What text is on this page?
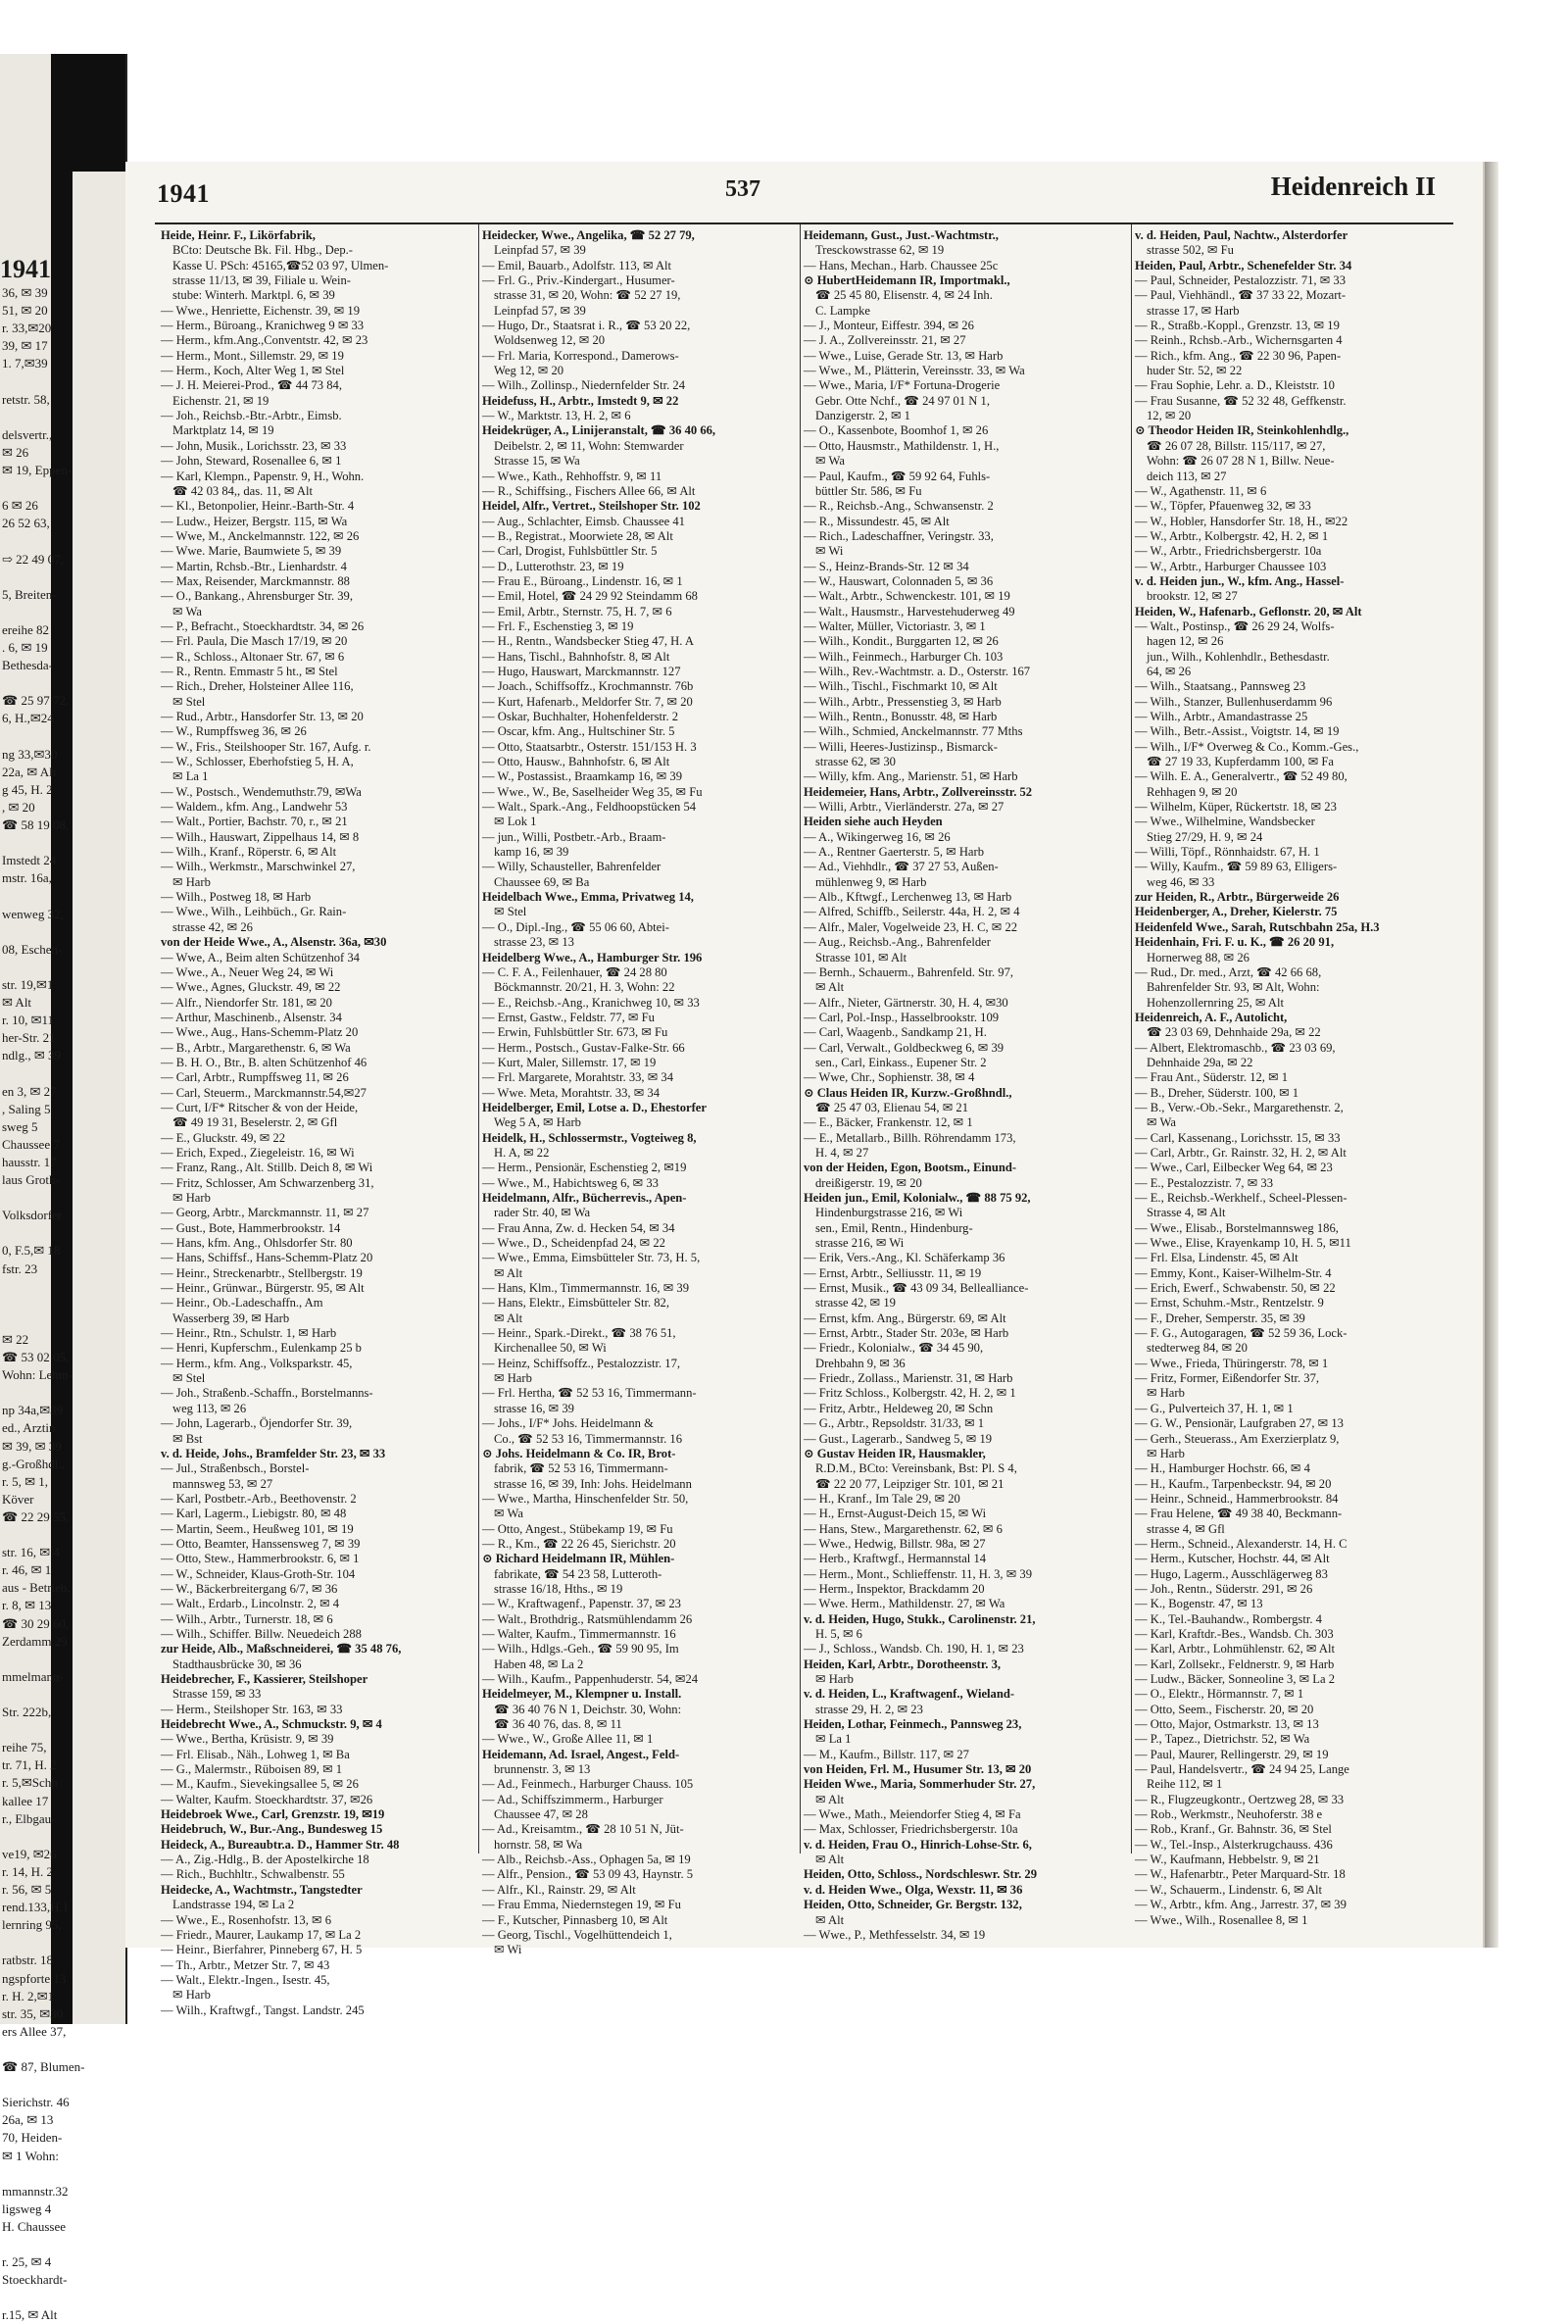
1941
36, ✉ 39
51, ✉ 20
r. 33,✉20
39, ✉ 17
1. 7,✉39
retstr. 58,
delsvertr.,
✉ 26
✉ 19, Eppen-
6 ✉ 26
26 52 63,
⇨ 22 49 07,
5, Breiten-
ereihe 82
. 6, ✉ 19
Bethesda-
☎ 25 97 72,
6, H.,✉24
ng 33,✉30
22a, ✉ Alt
g 45, H. 2
, ✉ 20
☎ 58 19 08,
Imstedt 24
mstr. 16a,
wenweg 32,
08, Eschen-
str. 19,✉1
✉ Alt
r. 10, ✉11
her-Str. 21
ndlg., ✉ 39
en 3, ✉ 27
, Saling 5
sweg 5
Chaussee 7
hausstr. 17
laus Groth-
Volksdorfer
0, F.5,✉ 18
fstr. 23
✉ 22
☎ 53 02 05,
Wohn: Lehm-
np 34a,✉39
ed., Arztin
✉ 39, ✉ 39
g.-Großhdl.,
r. 5, ✉ 1,
Köver
☎ 22 29 55,
str. 16, ✉ 4
r. 46, ✉ 1
aus - Betrieb,
r. 8, ✉ 13
☎ 30 29 60,
Zerdamm 29
mmelmann-
Str. 222b,
reihe 75,
tr. 71, H. 2
r. 5,✉Schh
kallee 17
r., Elbgau-
ve19, ✉26
r. 14, H. 2
r. 56, ✉ 5
rend.133,H.1
lernring 95,
ratbstr. 18
ngspforte 13
r. H. 2,✉1
str. 35, ✉30
ers Allee 37,
☎ 87, Blumen-
Sierichstr. 46
26a, ✉ 13
70, Heiden-
✉ 1 Wohn:
mmannstr.32
ligsweg 4
H. Chaussee
r. 25, ✉ 4
Stoeckhardt-
r.15, ✉ Alt
1941	537	Heidenreich II
Heide, Heinr. F., Likörfabrik,
BCto: Deutsche Bk. Fil. Hbg., Dep.-
Kasse U. PSch: 45165,☎52 03 97, Ulmen-
strasse 11/13, ✉ 39, Filiale u. Wein-
stube: Winterh. Marktpl. 6, ✉ 39
— Wwe., Henriette, Eichenstr. 39, ✉ 19
— Herm., Büroang., Kranichweg 9 ✉ 33
— Herm., kfm.Ang.,Conventstr. 42, ✉ 23
— Herm., Mont., Sillemstr. 29, ✉ 19
— Herm., Koch, Alter Weg 1, ✉ Stel
— J. H. Meierei-Prod., ☎ 44 73 84,
Eichenstr. 21, ✉ 19
— Joh., Reichsb.-Btr.-Arbtr., Eimsb.
Marktplatz 14, ✉ 19
— John, Musik., Lorichsstr. 23, ✉ 33
— John, Steward, Rosenallee 6, ✉ 1
— Karl, Klempn., Papenstr. 9, H., Wohn.
☎ 42 03 84,, das. 11, ✉ Alt
— Kl., Betonpolier, Heinr.-Barth-Str. 4
— Ludw., Heizer, Bergstr. 115, ✉ Wa
— Wwe, M., Anckelmannstr. 122, ✉ 26
— Wwe. Marie, Baumwiete 5, ✉ 39
— Martin, Rchsb.-Btr., Lienhardstr. 4
— Max, Reisender, Marckmannstr. 88
— O., Bankang., Ahrensburger Str. 39,
✉ Wa
— P., Befracht., Stoeckhardtstr. 34, ✉ 26
— Frl. Paula, Die Masch 17/19, ✉ 20
— R., Schloss., Altonaer Str. 67, ✉ 6
— R., Rentn. Emmastr 5 ht., ✉ Stel
— Rich., Dreher, Holsteiner Allee 116,
✉ Stel
— Rud., Arbtr., Hansdorfer Str. 13, ✉ 20
— W., Rumpffsweg 36, ✉ 26
— W., Fris., Steilshooper Str. 167, Aufg. r.
— W., Schlosser, Eberhofstieg 5, H. A,
✉ La 1
— W., Postsch., Wendemuthstr.79, ✉Wa
— Waldem., kfm. Ang., Landwehr 53
— Walt., Portier, Bachstr. 70, r., ✉ 21
— Wilh., Hauswart, Zippelhaus 14, ✉ 8
— Wilh., Kranf., Röperstr. 6, ✉ Alt
— Wilh., Werkmstr., Marschwinkel 27,
✉ Harb
— Wilh., Postweg 18, ✉ Harb
— Wwe., Wilh., Leihbüch., Gr. Rain-
strasse 42, ✉ 26
von der Heide Wwe., A., Alsenstr. 36a, ✉30
— Wwe, A., Beim alten Schützenhof 34
— Wwe., A., Neuer Weg 24, ✉ Wi
— Wwe., Agnes, Gluckstr. 49, ✉ 22
— Alfr., Niendorfer Str. 181, ✉ 20
— Arthur, Maschinenb., Alsenstr. 34
— Wwe., Aug., Hans-Schemm-Platz 20
— B., Arbtr., Margarethenstr. 6, ✉ Wa
— B. H. O., Btr., B. alten Schützenhof 46
— Carl, Arbtr., Rumpffsweg 11, ✉ 26
— Carl, Steuerm., Marckmannstr.54,✉27
— Curt, I/F* Ritscher & von der Heide,
☎ 49 19 31, Beselerstr. 2, ✉ Gfl
— E., Gluckstr. 49, ✉ 22
— Erich, Exped., Ziegeleistr. 16, ✉ Wi
— Franz, Rang., Alt. Stillb. Deich 8, ✉ Wi
— Fritz, Schlosser, Am Schwarzenberg 31,
✉ Harb
— Georg, Arbtr., Marckmannstr. 11, ✉ 27
— Gust., Bote, Hammerbrookstr. 14
— Hans, kfm. Ang., Ohlsdorfer Str. 80
— Hans, Schiffsf., Hans-Schemm-Platz 20
— Heinr., Streckenarbtr., Stellbergstr. 19
— Heinr., Grünwar., Bürgerstr. 95, ✉ Alt
— Heinr., Ob.-Ladeschaffn., Am
Wasserberg 39, ✉ Harb
— Heinr., Rtn., Schulstr. 1, ✉ Harb
— Henri, Kupferschm., Eulenkamp 25 b
— Herm., kfm. Ang., Volksparkstr. 45,
✉ Stel
— Joh., Straßenb.-Schaffn., Borstelmanns-
weg 113, ✉ 26
— John, Lagerarb., Öjendorfer Str. 39,
✉ Bst
v. d. Heide, Johs., Bramfelder Str. 23, ✉ 33
— Jul., Straßenbsch., Borstel-
mannsweg 53, ✉ 27
— Karl, Postbetr.-Arb., Beethovenstr. 2
— Karl, Lagerm., Liebigstr. 80, ✉ 48
— Martin, Seem., Heußweg 101, ✉ 19
— Otto, Beamter, Hanssensweg 7, ✉ 39
— Otto, Stew., Hammerbrookstr. 6, ✉ 1
— W., Schneider, Klaus-Groth-Str. 104
— W., Bäckerbreitergang 6/7, ✉ 36
— Walt., Erdarb., Lincolnstr. 2, ✉ 4
— Wilh., Arbtr., Turnerstr. 18, ✉ 6
— Wilh., Schiffer. Billw. Neuedeich 288
zur Heide, Alb., Maßschneiderei, ☎ 35 48 76,
Stadthausbrücke 30, ✉ 36
Heidebrecher, F., Kassierer, Steilshoper
Strasse 159, ✉ 33
— Herm., Steilshoper Str. 163, ✉ 33
Heidebrecht Wwe., A., Schmuckstr. 9, ✉ 4
— Wwe., Bertha, Krüsistr. 9, ✉ 39
— Frl. Elisab., Näh., Lohweg 1, ✉ Ba
— G., Malermstr., Rüboisen 89, ✉ 1
— M., Kaufm., Sievekingsallee 5, ✉ 26
— Walter, Kaufm. Stoeckhardtstr. 37, ✉26
Heidebroek Wwe., Carl, Grenzstr. 19, ✉19
Heidebruch, W., Bur.-Ang., Bundesweg 15
Heideck, A., Bureaubtr.a. D., Hammer Str. 48
— A., Zig.-Hdlg., B. der Apostelkirche 18
— Rich., Buchhltr., Schwalbenstr. 55
Heidecke, A., Wachtmstr., Tangstedter
Landstrasse 194, ✉ La 2
— Wwe., E., Rosenhofstr. 13, ✉ 6
— Friedr., Maurer, Laukamp 17, ✉ La 2
— Heinr., Bierfahrer, Pinneberg 67, H. 5
— Th., Arbtr., Metzer Str. 7, ✉ 43
— Walt., Elektr.-Ingen., Isestr. 45,
✉ Harb
— Wilh., Kraftwgf., Tangst. Landstr. 245
Heidecker, Wwe., Angelika, ☎ 52 27 79,
Leinpfad 57, ✉ 39
— Emil, Bauarb., Adolfstr. 113, ✉ Alt
— Frl. G., Priv.-Kindergart., Husumer-
strasse 31, ✉ 20, Wohn: ☎ 52 27 19,
Leinpfad 57, ✉ 39
— Hugo, Dr., Staatsrat i. R., ☎ 53 20 22,
Woldsenweg 12, ✉ 20
— Frl. Maria, Korrespond., Damerows-
Weg 12, ✉ 20
— Wilh., Zollinsp., Niedernfelder Str. 24
Heidefuss, H., Arbtr., Imstedt 9, ✉ 22
— W., Marktstr. 13, H. 2, ✉ 6
Heidekrüger, A., Linijeranstalt, ☎ 36 40 66,
Deibelstr. 2, ✉ 11, Wohn: Stemwarder
Strasse 15, ✉ Wa
— Wwe., Kath., Rehhoffstr. 9, ✉ 11
— R., Schiffsing., Fischers Allee 66, ✉ Alt
Heidel, Alfr., Vertret., Steilshoper Str. 102
— Aug., Schlachter, Eimsb. Chaussee 41
— B., Registrat., Moorwiete 28, ✉ Alt
— Carl, Drogist, Fuhlsbüttler Str. 5
— D., Lutterothstr. 23, ✉ 19
— Frau E., Büroang., Lindenstr. 16, ✉ 1
— Emil, Hotel, ☎ 24 29 92 Steindamm 68
— Emil, Arbtr., Sternstr. 75, H. 7, ✉ 6
— Frl. F., Eschenstieg 3, ✉ 19
— H., Rentn., Wandsbecker Stieg 47, H. A
— Hans, Tischl., Bahnhofstr. 8, ✉ Alt
— Hugo, Hauswart, Marckmannstr. 127
— Joach., Schiffsoffz., Krochmannstr. 76b
— Kurt, Hafenarb., Meldorfer Str. 7, ✉ 20
— Oskar, Buchhalter, Hohenfelderstr. 2
— Oscar, kfm. Ang., Hultschiner Str. 5
— Otto, Staatsarbtr., Osterstr. 151/153 H. 3
— Otto, Hausw., Bahnhofstr. 6, ✉ Alt
— W., Postassist., Braamkamp 16, ✉ 39
— Wwe., W., Be, Saselheider Weg 35, ✉ Fu
— Walt., Spark.-Ang., Feldhoopstücken 54
✉ Lok 1
— jun., Willi, Postbetr.-Arb., Braam-
kamp 16, ✉ 39
— Willy, Schausteller, Bahrenfelder
Chaussee 69, ✉ Ba
Heidelbach Wwe., Emma, Privatweg 14,
✉ Stel
— O., Dipl.-Ing., ☎ 55 06 60, Abtei-
strasse 23, ✉ 13
Heidelberg Wwe., A., Hamburger Str. 196
— C. F. A., Feilenhauer, ☎ 24 28 80
Böckmannstr. 20/21, H. 3, Wohn: 22
— E., Reichsb.-Ang., Kranichweg 10, ✉ 33
— Ernst, Gastw., Feldstr. 77, ✉ Fu
— Erwin, Fuhlsbüttler Str. 673, ✉ Fu
— Herm., Postsch., Gustav-Falke-Str. 66
— Kurt, Maler, Sillemstr. 17, ✉ 19
— Frl. Margarete, Morahtstr. 33, ✉ 34
— Wwe. Meta, Morahtstr. 33, ✉ 34
Heidelberger, Emil, Lotse a. D., Ehestorfer
Weg 5 A, ✉ Harb
Heidelk, H., Schlossermstr., Vogteiweg 8,
H. A, ✉ 22
— Herm., Pensionär, Eschenstieg 2, ✉19
— Wwe., M., Habichtsweg 6, ✉ 33
Heidelmann, Alfr., Bücherrevis., Apen-
rader Str. 40, ✉ Wa
— Frau Anna, Zw. d. Hecken 54, ✉ 34
— Wwe., D., Scheidenpfad 24, ✉ 22
— Wwe., Emma, Eimsbütteler Str. 73, H. 5,
✉ Alt
— Hans, Klm., Timmermannstr. 16, ✉ 39
— Hans, Elektr., Eimsbütteler Str. 82,
✉ Alt
— Heinr., Spark.-Direkt., ☎ 38 76 51,
Kirchenallee 50, ✉ Wi
— Heinz, Schiffsoffz., Pestalozzistr. 17,
✉ Harb
— Frl. Hertha, ☎ 52 53 16, Timmermann-
strasse 16, ✉ 39
— Johs., I/F* Johs. Heidelmann &
Co., ☎ 52 53 16, Timmermannstr. 16
⊙ Johs. Heidelmann & Co. IR, Brot-
fabrik, ☎ 52 53 16, Timmermann-
strasse 16, ✉ 39, Inh: Johs. Heidelmann
— Wwe., Martha, Hinschenfelder Str. 50,
✉ Wa
— Otto, Angest., Stübekamp 19, ✉ Fu
— R., Km., ☎ 22 26 45, Sierichstr. 20
⊙ Richard Heidelmann IR, Mühlen-
fabrikate, ☎ 54 23 58, Lutteroth-
strasse 16/18, Hths., ✉ 19
— W., Kraftwagenf., Papenstr. 37, ✉ 23
— Walt., Brothdrig., Ratsmühlendamm 26
— Walter, Kaufm., Timmermannstr. 16
— Wilh., Hdlgs.-Geh., ☎ 59 90 95, Im
Haben 48, ✉ La 2
— Wilh., Kaufm., Pappenhuderstr. 54, ✉24
Heidelmeyer, M., Klempner u. Install.
☎ 36 40 76 N 1, Deichstr. 30, Wohn:
☎ 36 40 76, das. 8, ✉ 11
— Wwe., W., Große Allee 11, ✉ 1
Heidemann, Ad. Israel, Angest., Feld-
brunnenstr. 3, ✉ 13
— Ad., Feinmech., Harburger Chauss. 105
— Ad., Schiffszimmerm., Harburger
Chaussee 47, ✉ 28
— Ad., Kreisamtm., ☎ 28 10 51 N, Jüt-
hornstr. 58, ✉ Wa
— Alb., Reichsb.-Ass., Ophagen 5a, ✉ 19
— Alfr., Pension., ☎ 53 09 43, Haynstr. 5
— Alfr., Kl., Rainstr. 29, ✉ Alt
— Frau Emma, Niedernstegen 19, ✉ Fu
— F., Kutscher, Pinnasberg 10, ✉ Alt
— Georg, Tischl., Vogelhüttendeich 1,
✉ Wi
Heidemann, Gust., Just.-Wachtmstr.,
Tresckowstrasse 62, ✉ 19
— Hans, Mechan., Harb. Chaussee 25c
⊙ HubertHeidemann IR, Importmakl.,
☎ 25 45 80, Elisenstr. 4, ✉ 24 Inh.
C. Lampke
— J., Monteur, Eiffestr. 394, ✉ 26
— J. A., Zollvereinsstr. 21, ✉ 27
— Wwe., Luise, Gerade Str. 13, ✉ Harb
— Wwe., M., Plätterin, Vereinsstr. 33, ✉ Wa
— Wwe., Maria, I/F* Fortuna-Drogerie
Gebr. Otte Nchf., ☎ 24 97 01 N 1,
Danzigerstr. 2, ✉ 1
— O., Kassenbote, Boomhof 1, ✉ 26
— Otto, Hausmstr., Mathildenstr. 1, H.,
✉ Wa
— Paul, Kaufm., ☎ 59 92 64, Fuhls-
büttler Str. 586, ✉ Fu
— R., Reichsb.-Ang., Schwansenstr. 2
— R., Missundestr. 45, ✉ Alt
— Rich., Ladeschaffner, Veringstr. 33,
✉ Wi
— S., Heinz-Brands-Str. 12 ✉ 34
— W., Hauswart, Colonnaden 5, ✉ 36
— Walt., Arbtr., Schwenckestr. 101, ✉ 19
— Walt., Hausmstr., Harvestehuderweg 49
— Walter, Müller, Victoriastr. 3, ✉ 1
— Wilh., Kondit., Burggarten 12, ✉ 26
— Wilh., Feinmech., Harburger Ch. 103
— Wilh., Rev.-Wachtmstr. a. D., Osterstr. 167
— Wilh., Tischl., Fischmarkt 10, ✉ Alt
— Wilh., Arbtr., Pressenstieg 3, ✉ Harb
— Wilh., Rentn., Bonusstr. 48, ✉ Harb
— Wilh., Schmied, Anckelmannstr. 77 Mths
— Willi, Heeres-Justizinsp., Bismarck-
strasse 62, ✉ 30
— Willy, kfm. Ang., Marienstr. 51, ✉ Harb
Heidemeier, Hans, Arbtr., Zollvereinsstr. 52
— Willi, Arbtr., Vierländerstr. 27a, ✉ 27
Heiden siehe auch Heyden
— A., Wikingerweg 16, ✉ 26
— A., Rentner Gaerterstr. 5, ✉ Harb
— Ad., Viehhdlr., ☎ 37 27 53, Außen-
mühlenweg 9, ✉ Harb
— Alb., Kftwgf., Lerchenweg 13, ✉ Harb
— Alfred, Schiffb., Seilerstr. 44a, H. 2, ✉ 4
— Alfr., Maler, Vogelweide 23, H. C, ✉ 22
— Aug., Reichsb.-Ang., Bahrenfelder
Strasse 101, ✉ Alt
— Bernh., Schauerm., Bahrenfeld. Str. 97,
✉ Alt
— Alfr., Nieter, Gärtnerstr. 30, H. 4, ✉30
— Carl, Pol.-Insp., Hasselbrookstr. 109
— Carl, Waagenb., Sandkamp 21, H.
— Carl, Verwalt., Goldbeckweg 6, ✉ 39
sen., Carl, Einkass., Eupener Str. 2
— Wwe, Chr., Sophienstr. 38, ✉ 4
⊙ Claus Heiden IR, Kurzw.-Großhndl.,
☎ 25 47 03, Elienau 54, ✉ 21
— E., Bäcker, Frankenstr. 12, ✉ 1
— E., Metallarb., Billh. Röhrendamm 173,
H. 4, ✉ 27
von der Heiden, Egon, Bootsm., Einund-
dreißigerstr. 19, ✉ 20
Heiden jun., Emil, Kolonialw., ☎ 88 75 92,
Hindenburgstrasse 216, ✉ Wi
sen., Emil, Rentn., Hindenburg-
strasse 216, ✉ Wi
— Erik, Vers.-Ang., Kl. Schäferkamp 36
— Ernst, Arbtr., Selliusstr. 11, ✉ 19
— Ernst, Musik., ☎ 43 09 34, Bellealliance-
strasse 42, ✉ 19
— Ernst, kfm. Ang., Bürgerstr. 69, ✉ Alt
— Ernst, Arbtr., Stader Str. 203e, ✉ Harb
— Friedr., Kolonialw., ☎ 34 45 90,
Drehbahn 9, ✉ 36
— Friedr., Zollass., Marienstr. 31, ✉ Harb
— Fritz Schloss., Kolbergstr. 42, H. 2, ✉ 1
— Fritz, Arbtr., Heldeweg 20, ✉ Schn
— G., Arbtr., Repsoldstr. 31/33, ✉ 1
— Gust., Lagerarb., Sandweg 5, ✉ 19
⊙ Gustav Heiden IR, Hausmakler,
R.D.M., BCto: Vereinsbank, Bst: Pl. S 4,
☎ 22 20 77, Leipziger Str. 101, ✉ 21
— H., Kranf., Im Tale 29, ✉ 20
— H., Ernst-August-Deich 15, ✉ Wi
— Hans, Stew., Margarethenstr. 62, ✉ 6
— Wwe., Hedwig, Billstr. 98a, ✉ 27
— Herb., Kraftwgf., Hermannstal 14
— Herm., Mont., Schlieffenstr. 11, H. 3, ✉ 39
— Herm., Inspektor, Brackdamm 20
— Wwe. Herm., Mathildenstr. 27, ✉ Wa
v. d. Heiden, Hugo, Stukk., Carolinenstr. 21,
H. 5, ✉ 6
— J., Schloss., Wandsb. Ch. 190, H. 1, ✉ 23
Heiden, Karl, Arbtr., Dorotheenstr. 3,
✉ Harb
v. d. Heiden, L., Kraftwagenf., Wieland-
strasse 29, H. 2, ✉ 23
Heiden, Lothar, Feinmech., Pannsweg 23,
✉ La 1
— M., Kaufm., Billstr. 117, ✉ 27
von Heiden, Frl. M., Husumer Str. 13, ✉ 20
Heiden Wwe., Maria, Sommerhuder Str. 27,
✉ Alt
— Wwe., Math., Meiendorfer Stieg 4, ✉ Fa
— Max, Schlosser, Friedrichsbergerstr. 10a
v. d. Heiden, Frau O., Hinrich-Lohse-Str. 6,
✉ Alt
Heiden, Otto, Schloss., Nordschleswr. Str. 29
v. d. Heiden Wwe., Olga, Wexstr. 11, ✉ 36
Heiden, Otto, Schneider, Gr. Bergstr. 132,
✉ Alt
— Wwe., P., Methfesselstr. 34, ✉ 19
v. d. Heiden, Paul, Nachtw., Alsterdorfer
strasse 502, ✉ Fu
Heiden, Paul, Arbtr., Schenefelder Str. 34
— Paul, Schneider, Pestalozzistr. 71, ✉ 33
— Paul, Viehhändl., ☎ 37 33 22, Mozart-
strasse 17, ✉ Harb
— R., Straßb.-Koppl., Grenzstr. 13, ✉ 19
— Reinh., Rchsb.-Arb., Wichernsgarten 4
— Rich., kfm. Ang., ☎ 22 30 96, Papen-
huder Str. 52, ✉ 22
— Frau Sophie, Lehr. a. D., Kleiststr. 10
— Frau Susanne, ☎ 52 32 48, Geffkenstr.
12, ✉ 20
⊙ Theodor Heiden IR, Steinkohlenhdlg.,
☎ 26 07 28, Billstr. 115/117, ✉ 27,
Wohn: ☎ 26 07 28 N 1, Billw. Neue-
deich 113, ✉ 27
— W., Agathenstr. 11, ✉ 6
— W., Töpfer, Pfauenweg 32, ✉ 33
— W., Hobler, Hansdorfer Str. 18, H., ✉22
— W., Arbtr., Kolbergstr. 42, H. 2, ✉ 1
— W., Arbtr., Friedrichsbergerstr. 10a
— W., Arbtr., Harburger Chaussee 103
v. d. Heiden jun., W., kfm. Ang., Hassel-
brookstr. 12, ✉ 27
Heiden, W., Hafenarb., Geflonstr. 20, ✉ Alt
— Walt., Postinsp., ☎ 26 29 24, Wolfs-
hagen 12, ✉ 26
jun., Wilh., Kohlenhdlr., Bethesdastr.
64, ✉ 26
— Wilh., Staatsang., Pannsweg 23
— Wilh., Stanzer, Bullenhuserdamm 96
— Wilh., Arbtr., Amandastrasse 25
— Wilh., Betr.-Assist., Voigtstr. 14, ✉ 19
— Wilh., I/F* Overweg & Co., Komm.-Ges.,
☎ 27 19 33, Kupferdamm 100, ✉ Fa
— Wilh. E. A., Generalvertr., ☎ 52 49 80,
Rehhagen 9, ✉ 20
— Wilhelm, Küper, Rückertstr. 18, ✉ 23
— Wwe., Wilhelmine, Wandsbecker
Stieg 27/29, H. 9, ✉ 24
— Willi, Töpf., Rönnhaidstr. 67, H. 1
— Willy, Kaufm., ☎ 59 89 63, Elligers-
weg 46, ✉ 33
zur Heiden, R., Arbtr., Bürgerweide 26
Heidenberger, A., Dreher, Kielerstr. 75
Heidenfeld Wwe., Sarah, Rutschbahn 25a, H.3
Heidenhain, Fri. F. u. K., ☎ 26 20 91,
Hornerweg 88, ✉ 26
— Rud., Dr. med., Arzt, ☎ 42 66 68,
Bahrenfelder Str. 93, ✉ Alt, Wohn:
Hohenzollernring 25, ✉ Alt
Heidenreich, A. F., Autolicht,
☎ 23 03 69, Dehnhaide 29a, ✉ 22
— Albert, Elektromaschb., ☎ 23 03 69,
Dehnhaide 29a, ✉ 22
— Frau Ant., Süderstr. 12, ✉ 1
— B., Dreher, Süderstr. 100, ✉ 1
— B., Verw.-Ob.-Sekr., Margarethenstr. 2,
✉ Wa
— Carl, Kassenang., Lorichsstr. 15, ✉ 33
— Carl, Arbtr., Gr. Rainstr. 32, H. 2, ✉ Alt
— Wwe., Carl, Eilbecker Weg 64, ✉ 23
— E., Pestalozzistr. 7, ✉ 33
— E., Reichsb.-Werkhelf., Scheel-Plessen-
Strasse 4, ✉ Alt
— Wwe., Elisab., Borstelmannsweg 186,
— Wwe., Elise, Krayenkamp 10, H. 5, ✉11
— Frl. Elsa, Lindenstr. 45, ✉ Alt
— Emmy, Kont., Kaiser-Wilhelm-Str. 4
— Erich, Ewerf., Schwabenstr. 50, ✉ 22
— Ernst, Schuhm.-Mstr., Rentzelstr. 9
— F., Dreher, Semperstr. 35, ✉ 39
— F. G., Autogaragen, ☎ 52 59 36, Lock-
stedterweg 84, ✉ 20
— Wwe., Frieda, Thüringerstr. 78, ✉ 1
— Fritz, Former, Eißendorfer Str. 37,
✉ Harb
— G., Pulverteich 37, H. 1, ✉ 1
— G. W., Pensionär, Laufgraben 27, ✉ 13
— Gerh., Steuerass., Am Exerzierplatz 9,
✉ Harb
— H., Hamburger Hochstr. 66, ✉ 4
— H., Kaufm., Tarpenbeckstr. 94, ✉ 20
— Heinr., Schneid., Hammerbrookstr. 84
— Frau Helene, ☎ 49 38 40, Beckmann-
strasse 4, ✉ Gfl
— Herm., Schneid., Alexanderstr. 14, H. C
— Herm., Kutscher, Hochstr. 44, ✉ Alt
— Hugo, Lagerm., Ausschlägerweg 83
— Joh., Rentn., Süderstr. 291, ✉ 26
— K., Bogenstr. 47, ✉ 13
— K., Tel.-Bauhandw., Rombergstr. 4
— Karl, Kraftdr.-Bes., Wandsb. Ch. 303
— Karl, Arbtr., Lohmühlenstr. 62, ✉ Alt
— Karl, Zollsekr., Feldnerstr. 9, ✉ Harb
— Ludw., Bäcker, Sonneoline 3, ✉ La 2
— O., Elektr., Hörmannstr. 7, ✉ 1
— Otto, Seem., Fischerstr. 20, ✉ 20
— Otto, Major, Ostmarkstr. 13, ✉ 13
— P., Tapez., Dietrichstr. 52, ✉ Wa
— Paul, Maurer, Rellingerstr. 29, ✉ 19
— Paul, Handelsvertr., ☎ 24 94 25, Lange
Reihe 112, ✉ 1
— R., Flugzeugkontr., Oertzweg 28, ✉ 33
— Rob., Werkmstr., Neuhoferstr. 38 e
— Rob., Kranf., Gr. Bahnstr. 36, ✉ Stel
— W., Tel.-Insp., Alsterkrugchauss. 436
— W., Kaufmann, Hebbelstr. 9, ✉ 21
— W., Hafenarbtr., Peter Marquard-Str. 18
— W., Schauerm., Lindenstr. 6, ✉ Alt
— W., Arbtr., kfm. Ang., Jarrestr. 37, ✉ 39
— Wwe., Wilh., Rosenallee 8, ✉ 1
